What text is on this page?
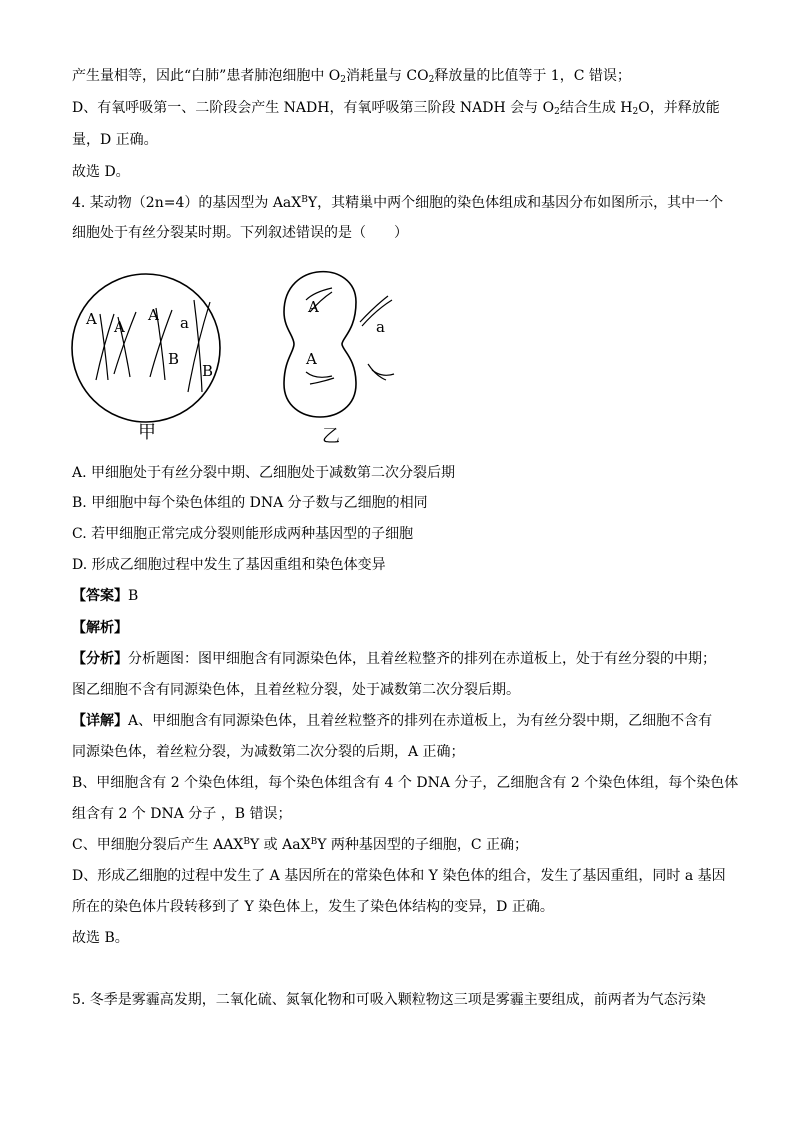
产生量相等，因此“白肺”患者肺泡细胞中 $O_2$消耗量与 $CO_2$释放量的比值等于 1，C 错误；
D、有氧呼吸第一、二阶段会产生 NADH，有氧呼吸第三阶段 NADH 会与 $O_2$结合生成 $H_2O$，并释放能
量，D 正确。
故选 D。
4. 某动物（2n=4）的基因型为 AaX$^B$Y，其精巢中两个细胞的染色体组成和基因分布如图所示，其中一个
细胞处于有丝分裂某时期。下列叙述错误的是（　　）
A A
A a
B
B
甲
A
a
A
乙
A. 甲细胞处于有丝分裂中期、乙细胞处于减数第二次分裂后期
B. 甲细胞中每个染色体组的 DNA 分子数与乙细胞的相同
C. 若甲细胞正常完成分裂则能形成两种基因型的子细胞
D. 形成乙细胞过程中发生了基因重组和染色体变异
【答案】B
【解析】
【分析】分析题图：图甲细胞含有同源染色体，且着丝粒整齐的排列在赤道板上，处于有丝分裂的中期；
图乙细胞不含有同源染色体，且着丝粒分裂，处于减数第二次分裂后期。
【详解】A、甲细胞含有同源染色体，且着丝粒整齐的排列在赤道板上，为有丝分裂中期，乙细胞不含有
同源染色体，着丝粒分裂，为减数第二次分裂的后期，A 正确；
B、甲细胞含有 2 个染色体组，每个染色体组含有 4 个 DNA 分子，乙细胞含有 2 个染色体组，每个染色体
组含有 2 个 DNA 分子 ，B 错误；
C、甲细胞分裂后产生 $AAX^BY$ 或 AaX$^B$Y 两种基因型的子细胞，C 正确；
D、形成乙细胞的过程中发生了 A 基因所在的常染色体和 Y 染色体的组合，发生了基因重组，同时 a 基因
所在的染色体片段转移到了 Y 染色体上，发生了染色体结构的变异，D 正确。
故选 B。
5. 冬季是雾霾高发期，二氧化硫、氮氧化物和可吸入颗粒物这三项是雾霾主要组成，前两者为气态污染
